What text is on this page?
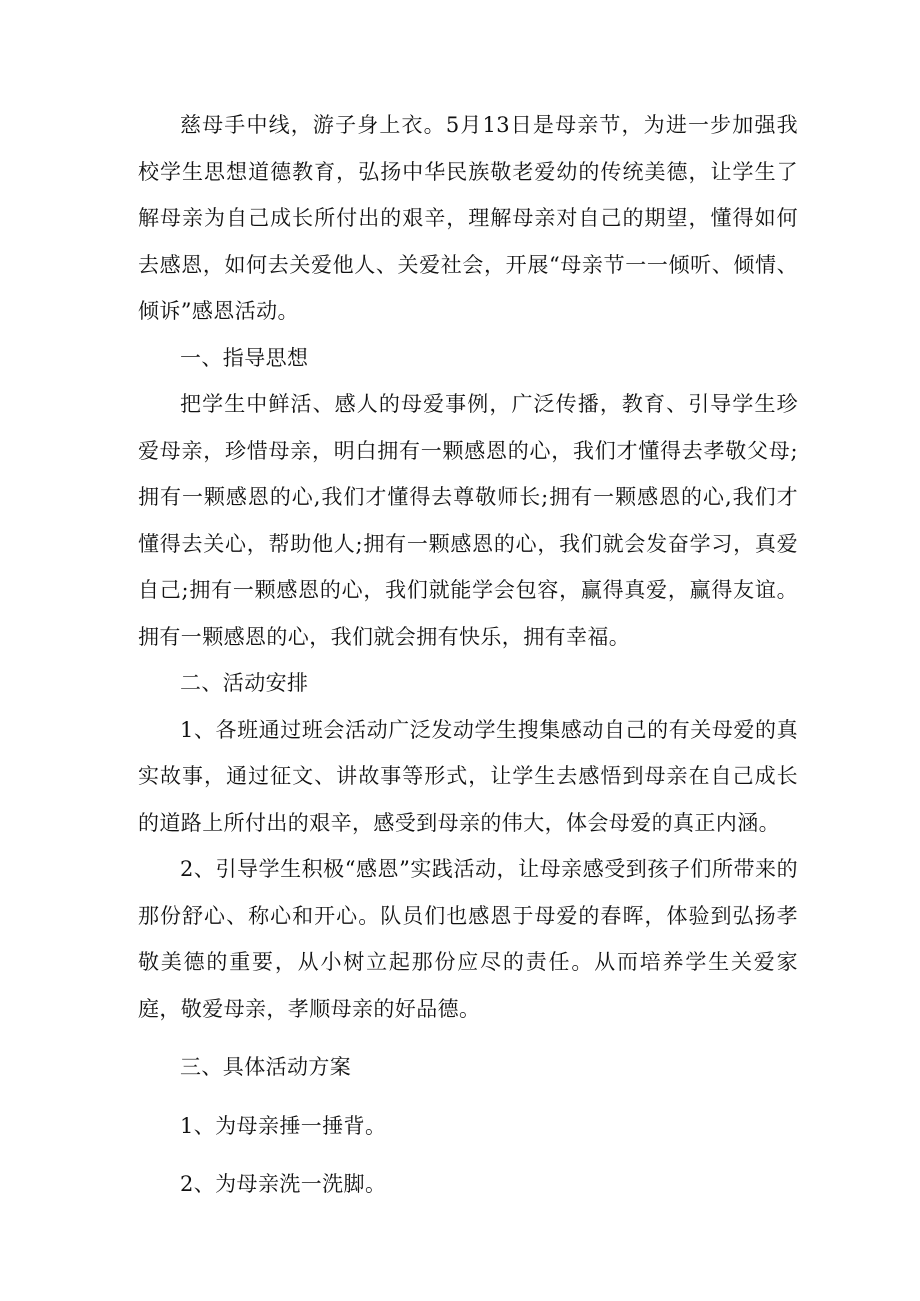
慈母手中线，游子身上衣。5月13日是母亲节，为进一步加强我校学生思想道德教育，弘扬中华民族敬老爱幼的传统美德，让学生了解母亲为自己成长所付出的艰辛，理解母亲对自己的期望，懂得如何去感恩，如何去关爱他人、关爱社会，开展“母亲节一一倾听、倾情、倾诉”感恩活动。

一、指导思想

把学生中鲜活、感人的母爱事例，广泛传播，教育、引导学生珍爱母亲，珍惜母亲，明白拥有一颗感恩的心，我们才懂得去孝敬父母;拥有一颗感恩的心,我们才懂得去尊敬师长;拥有一颗感恩的心,我们才懂得去关心，帮助他人;拥有一颗感恩的心，我们就会发奋学习，真爱自己;拥有一颗感恩的心，我们就能学会包容，赢得真爱，赢得友谊。拥有一颗感恩的心，我们就会拥有快乐，拥有幸福。

二、活动安排

1、各班通过班会活动广泛发动学生搜集感动自己的有关母爱的真实故事，通过征文、讲故事等形式，让学生去感悟到母亲在自己成长的道路上所付出的艰辛，感受到母亲的伟大，体会母爱的真正内涵。

2、引导学生积极“感恩”实践活动，让母亲感受到孩子们所带来的那份舒心、称心和开心。队员们也感恩于母爱的春晖，体验到弘扬孝敬美德的重要，从小树立起那份应尽的责任。从而培养学生关爱家庭，敬爱母亲，孝顺母亲的好品德。

三、具体活动方案

1、为母亲捶一捶背。

2、为母亲洗一洗脚。
